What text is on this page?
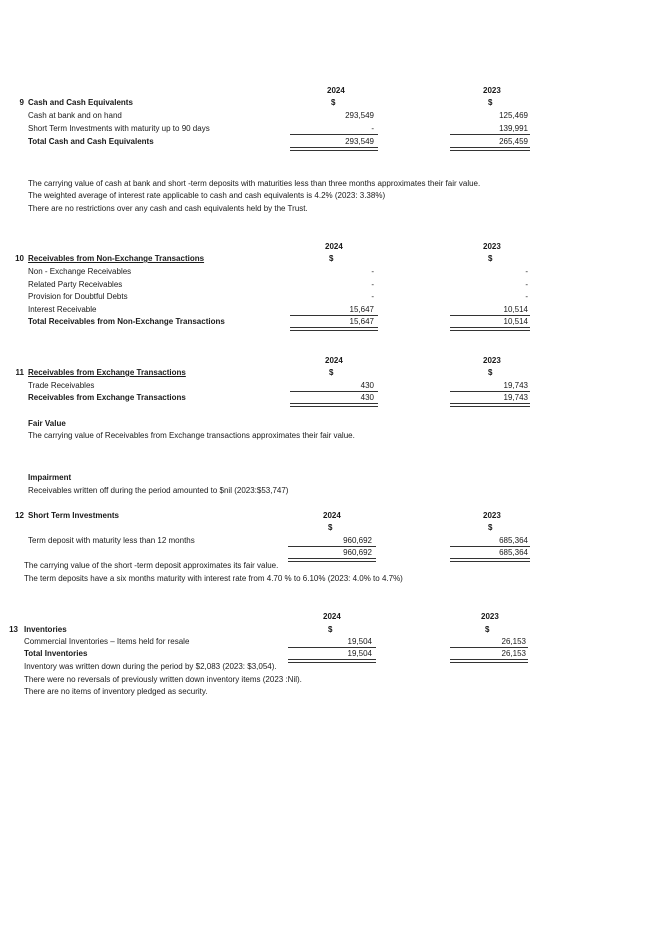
2024	2023
9 Cash and Cash Equivalents	$	$
Cash at bank and on hand	293,549	125,469
Short Term Investments with maturity up to 90 days	-	139,991
Total Cash and Cash Equivalents	293,549	265,459
The carrying value of cash at bank and short -term deposits with maturities less than three months approximates their fair value.
The weighted average of interest rate applicable to cash and cash equivalents is 4.2% (2023: 3.38%)
There are no restrictions over any cash and cash equivalents held by the Trust.
2024	2023
10 Receivables from Non-Exchange Transactions	$	$
Non - Exchange Receivables	-	-
Related Party Receivables	-	-
Provision for Doubtful Debts	-	-
Interest Receivable	15,647	10,514
Total Receivables from Non-Exchange Transactions	15,647	10,514
2024	2023
11 Receivables from Exchange Transactions	$	$
Trade Receivables	430	19,743
Receivables from Exchange Transactions	430	19,743
Fair Value
The carrying value of Receivables from Exchange transactions approximates their fair value.
Impairment
Receivables written off during the period amounted to $nil (2023:$53,747)
12 Short Term Investments	2024	2023
$	$
Term deposit with maturity less than 12 months	960,692	685,364
960,692	685,364
The carrying value of the short -term deposit approximates its fair value.
The term deposits have a six months maturity with interest rate from 4.70 % to 6.10% (2023: 4.0% to 4.7%)
2024	2023
13 Inventories	$	$
Commercial Inventories – Items held for resale	19,504	26,153
Total Inventories	19,504	26,153
Inventory was written down during the period by $2,083 (2023: $3,054).
There were no reversals of previously written down inventory items (2023 :Nil).
There are no items of inventory pledged as security.
